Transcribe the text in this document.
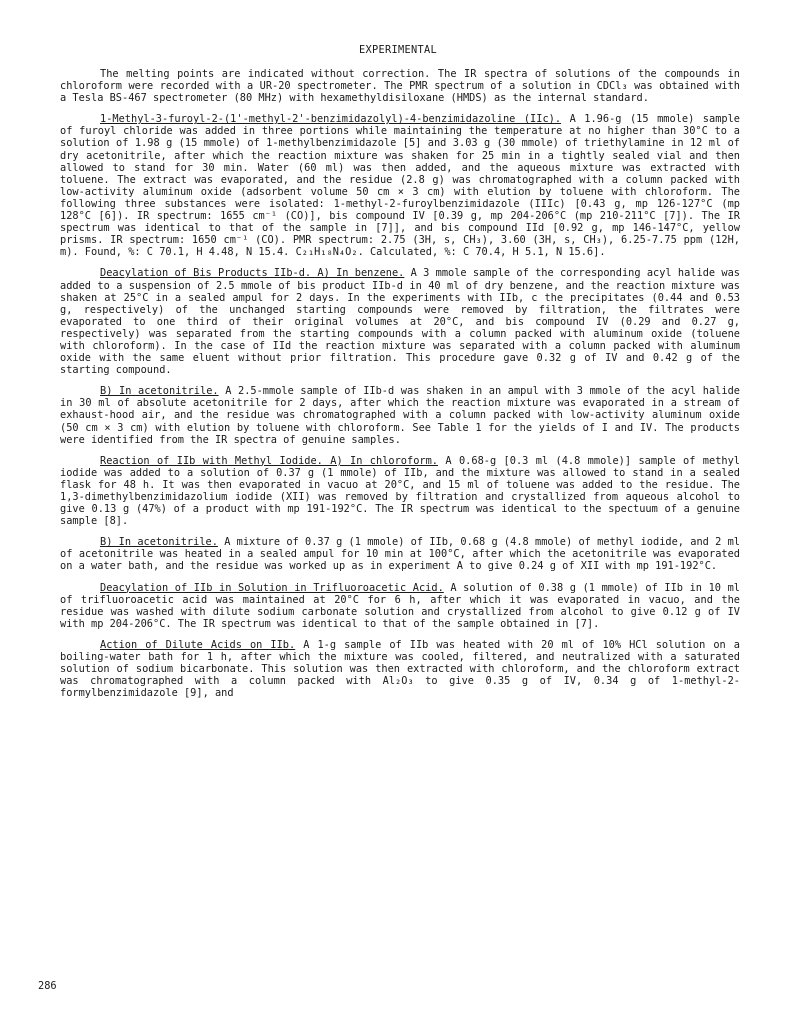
EXPERIMENTAL

The melting points are indicated without correction. The IR spectra of solutions of the compounds in chloroform were recorded with a UR-20 spectrometer. The PMR spectrum of a solution in CDCl₃ was obtained with a Tesla BS-467 spectrometer (80 MHz) with hexamethyldisiloxane (HMDS) as the internal standard.

1-Methyl-3-furoyl-2-(1'-methyl-2'-benzimidazolyl)-4-benzimidazoline (IIc). A 1.96-g (15 mmole) sample of furoyl chloride was added in three portions while maintaining the temperature at no higher than 30°C to a solution of 1.98 g (15 mmole) of 1-methylbenzimidazole [5] and 3.03 g (30 mmole) of triethylamine in 12 ml of dry acetonitrile, after which the reaction mixture was shaken for 25 min in a tightly sealed vial and then allowed to stand for 30 min. Water (60 ml) was then added, and the aqueous mixture was extracted with toluene. The extract was evaporated, and the residue (2.8 g) was chromatographed with a column packed with low-activity aluminum oxide (adsorbent volume 50 cm × 3 cm) with elution by toluene with chloroform. The following three substances were isolated: 1-methyl-2-furoylbenzimidazole (IIIc) [0.43 g, mp 126-127°C (mp 128°C [6]). IR spectrum: 1655 cm⁻¹ (CO)], bis compound IV [0.39 g, mp 204-206°C (mp 210-211°C [7]). The IR spectrum was identical to that of the sample in [7]], and bis compound IId [0.92 g, mp 146-147°C, yellow prisms. IR spectrum: 1650 cm⁻¹ (CO). PMR spectrum: 2.75 (3H, s, CH₃), 3.60 (3H, s, CH₃), 6.25-7.75 ppm (12H, m). Found, %: C 70.1, H 4.48, N 15.4. C₂₁H₁₈N₄O₂. Calculated, %: C 70.4, H 5.1, N 15.6].

Deacylation of Bis Products IIb-d. A) In benzene. A 3 mmole sample of the corresponding acyl halide was added to a suspension of 2.5 mmole of bis product IIb-d in 40 ml of dry benzene, and the reaction mixture was shaken at 25°C in a sealed ampul for 2 days. In the experiments with IIb, c the precipitates (0.44 and 0.53 g, respectively) of the unchanged starting compounds were removed by filtration, the filtrates were evaporated to one third of their original volumes at 20°C, and bis compound IV (0.29 and 0.27 g, respectively) was separated from the starting compounds with a column packed with aluminum oxide (toluene with chloroform). In the case of IId the reaction mixture was separated with a column packed with aluminum oxide with the same eluent without prior filtration. This procedure gave 0.32 g of IV and 0.42 g of the starting compound.

B) In acetonitrile. A 2.5-mmole sample of IIb-d was shaken in an ampul with 3 mmole of the acyl halide in 30 ml of absolute acetonitrile for 2 days, after which the reaction mixture was evaporated in a stream of exhaust-hood air, and the residue was chromatographed with a column packed with low-activity aluminum oxide (50 cm × 3 cm) with elution by toluene with chloroform. See Table 1 for the yields of I and IV. The products were identified from the IR spectra of genuine samples.

Reaction of IIb with Methyl Iodide. A) In chloroform. A 0.68-g [0.3 ml (4.8 mmole)] sample of methyl iodide was added to a solution of 0.37 g (1 mmole) of IIb, and the mixture was allowed to stand in a sealed flask for 48 h. It was then evaporated in vacuo at 20°C, and 15 ml of toluene was added to the residue. The 1,3-dimethylbenzimidazolium iodide (XII) was removed by filtration and crystallized from aqueous alcohol to give 0.13 g (47%) of a product with mp 191-192°C. The IR spectrum was identical to the spectuum of a genuine sample [8].

B) In acetonitrile. A mixture of 0.37 g (1 mmole) of IIb, 0.68 g (4.8 mmole) of methyl iodide, and 2 ml of acetonitrile was heated in a sealed ampul for 10 min at 100°C, after which the acetonitrile was evaporated on a water bath, and the residue was worked up as in experiment A to give 0.24 g of XII with mp 191-192°C.

Deacylation of IIb in Solution in Trifluoroacetic Acid. A solution of 0.38 g (1 mmole) of IIb in 10 ml of trifluoroacetic acid was maintained at 20°C for 6 h, after which it was evaporated in vacuo, and the residue was washed with dilute sodium carbonate solution and crystallized from alcohol to give 0.12 g of IV with mp 204-206°C. The IR spectrum was identical to that of the sample obtained in [7].

Action of Dilute Acids on IIb. A 1-g sample of IIb was heated with 20 ml of 10% HCl solution on a boiling-water bath for 1 h, after which the mixture was cooled, filtered, and neutralized with a saturated solution of sodium bicarbonate. This solution was then extracted with chloroform, and the chloroform extract was chromatographed with a column packed with Al₂O₃ to give 0.35 g of IV, 0.34 g of 1-methyl-2-formylbenzimidazole [9], and

286
